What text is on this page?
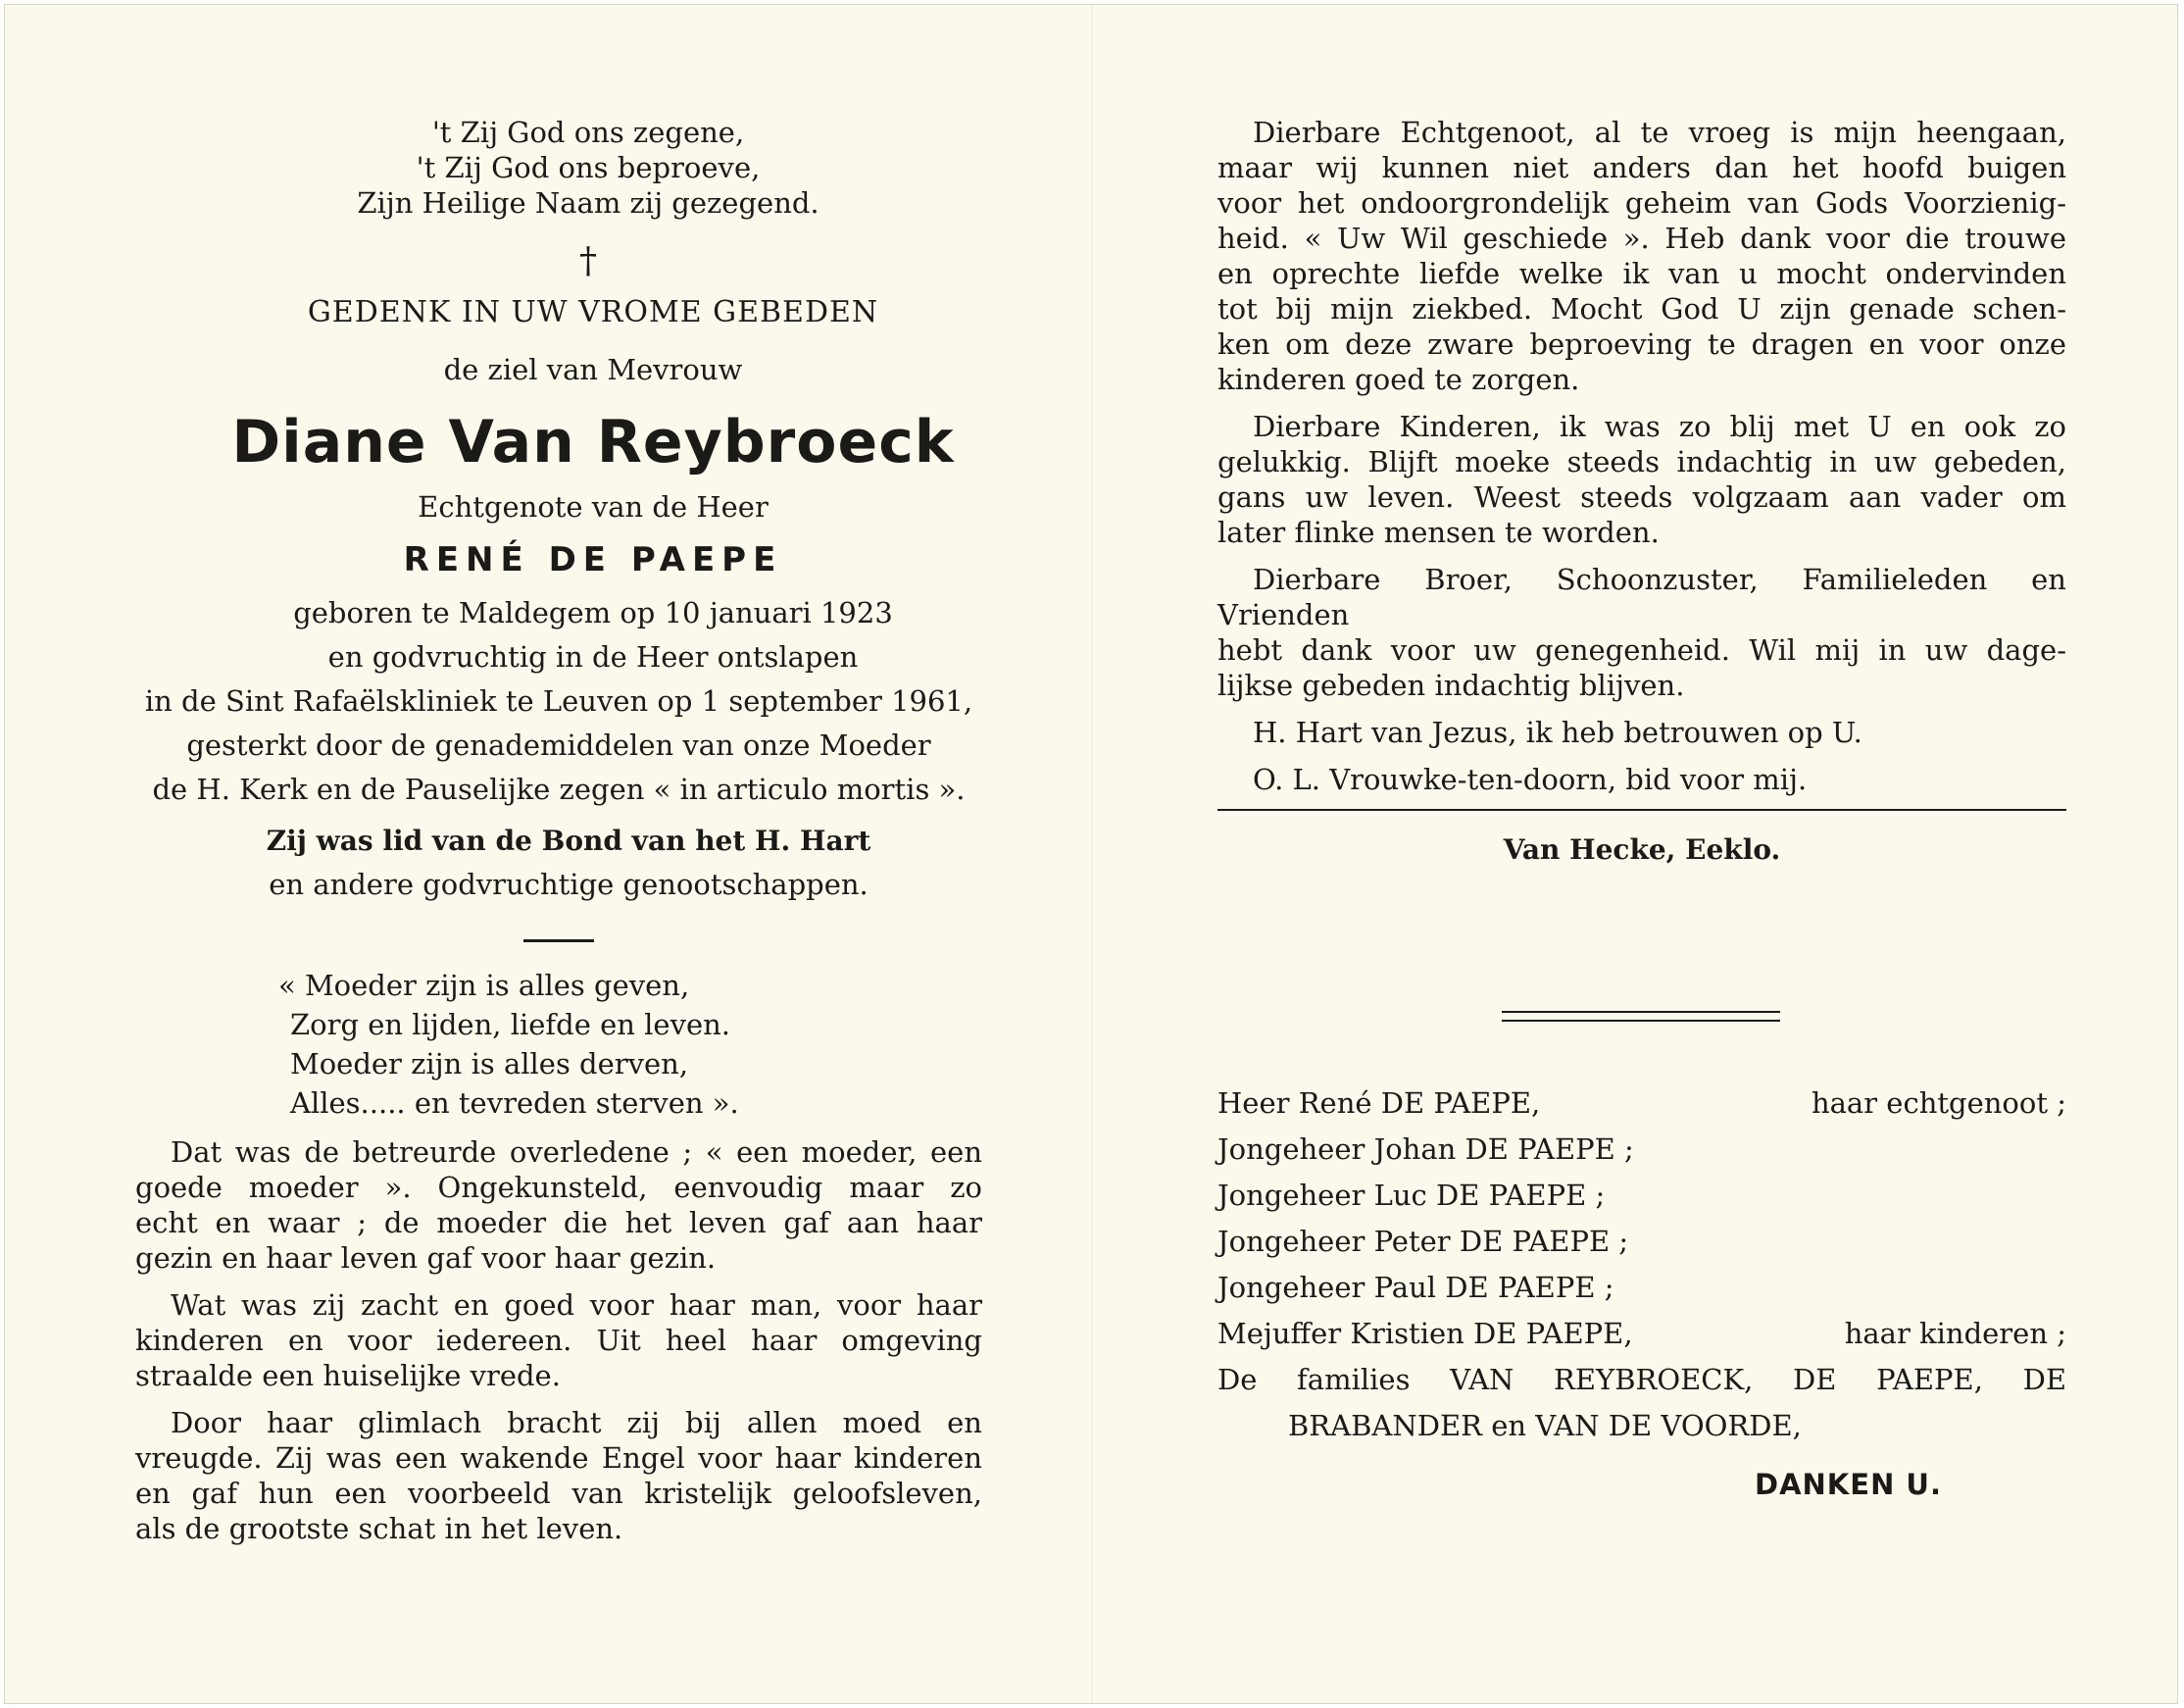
't Zij God ons zegene,
't Zij God ons beproeve,
Zijn Heilige Naam zij gezegend.
†
GEDENK IN UW VROME GEBEDEN
de ziel van Mevrouw
Diane Van Reybroeck
Echtgenote van de Heer
RENÉ DE PAEPE
geboren te Maldegem op 10 januari 1923
en godvruchtig in de Heer ontslapen
in de Sint Rafaëlskliniek te Leuven op 1 september 1961,
gesterkt door de genademiddelen van onze Moeder
de H. Kerk en de Pauselijke zegen « in articulo mortis ».
Zij was lid van de Bond van het H. Hart
en andere godvruchtige genootschappen.
« Moeder zijn is alles geven,
Zorg en lijden, liefde en leven.
Moeder zijn is alles derven,
Alles..... en tevreden sterven ».
Dat was de betreurde overledene ; « een moeder, een
goede moeder ». Ongekunsteld, eenvoudig maar zo
echt en waar ; de moeder die het leven gaf aan haar
gezin en haar leven gaf voor haar gezin.
Wat was zij zacht en goed voor haar man, voor haar
kinderen en voor iedereen. Uit heel haar omgeving
straalde een huiselijke vrede.
Door haar glimlach bracht zij bij allen moed en
vreugde. Zij was een wakende Engel voor haar kinderen
en gaf hun een voorbeeld van kristelijk geloofsleven,
als de grootste schat in het leven.
Dierbare Echtgenoot, al te vroeg is mijn heengaan,
maar wij kunnen niet anders dan het hoofd buigen
voor het ondoorgrondelijk geheim van Gods Voorzienig-
heid. « Uw Wil geschiede ». Heb dank voor die trouwe
en oprechte liefde welke ik van u mocht ondervinden
tot bij mijn ziekbed. Mocht God U zijn genade schen-
ken om deze zware beproeving te dragen en voor onze
kinderen goed te zorgen.
Dierbare Kinderen, ik was zo blij met U en ook zo
gelukkig. Blijft moeke steeds indachtig in uw gebeden,
gans uw leven. Weest steeds volgzaam aan vader om
later flinke mensen te worden.
Dierbare Broer, Schoonzuster, Familieleden en Vrienden
hebt dank voor uw genegenheid. Wil mij in uw dage-
lijkse gebeden indachtig blijven.
H. Hart van Jezus, ik heb betrouwen op U.
O. L. Vrouwke-ten-doorn, bid voor mij.
Van Hecke, Eeklo.
Heer René DE PAEPE,	haar echtgenoot ;
Jongeheer Johan DE PAEPE ;
Jongeheer Luc DE PAEPE ;
Jongeheer Peter DE PAEPE ;
Jongeheer Paul DE PAEPE ;
Mejuffer Kristien DE PAEPE,	haar kinderen ;
De families VAN REYBROECK, DE PAEPE, DE
BRABANDER en VAN DE VOORDE,
DANKEN U.
